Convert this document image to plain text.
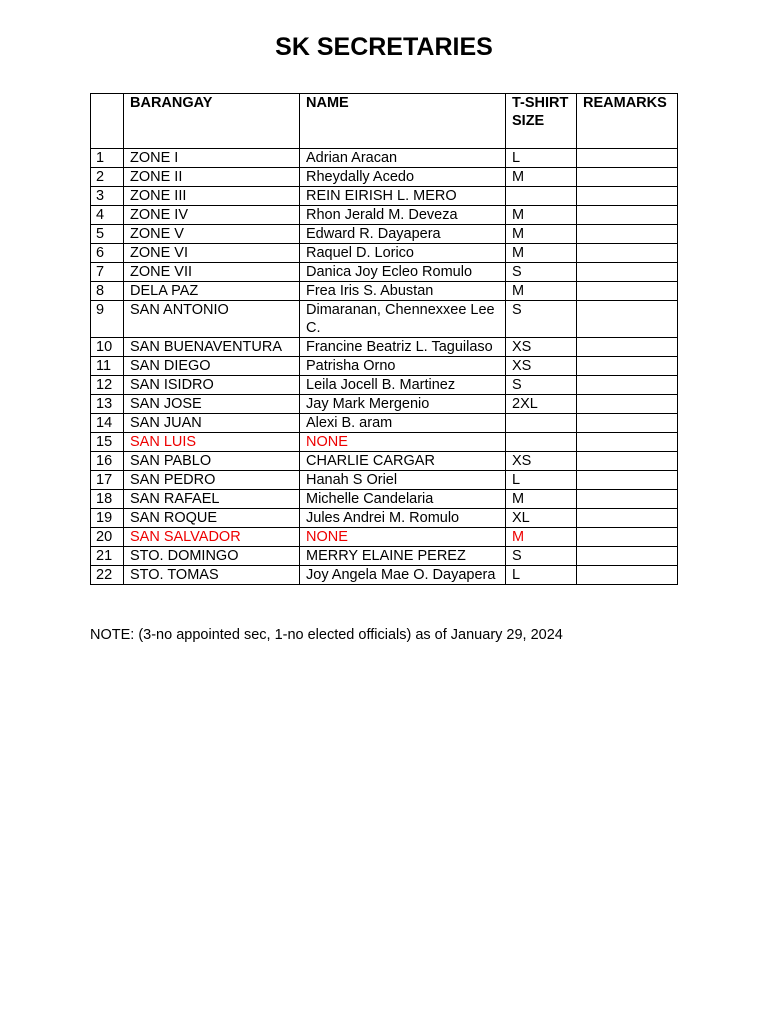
SK SECRETARIES
	BARANGAY	NAME	T-SHIRT SIZE	REAMARKS
1	ZONE I	Adrian Aracan	L	
2	ZONE II	Rheydally Acedo	M	
3	ZONE III	REIN EIRISH L. MERO		
4	ZONE IV	Rhon Jerald M. Deveza	M	
5	ZONE V	Edward R. Dayapera	M	
6	ZONE VI	Raquel D. Lorico	M	
7	ZONE VII	Danica Joy Ecleo Romulo	S	
8	DELA PAZ	Frea Iris S. Abustan	M	
9	SAN ANTONIO	Dimaranan, Chennexxee Lee C.	S	
10	SAN BUENAVENTURA	Francine Beatriz L. Taguilaso	XS	
11	SAN DIEGO	Patrisha Orno	XS	
12	SAN ISIDRO	Leila Jocell B. Martinez	S	
13	SAN JOSE	Jay Mark Mergenio	2XL	
14	SAN JUAN	Alexi B. aram		
15	SAN LUIS	NONE		
16	SAN PABLO	CHARLIE CARGAR	XS	
17	SAN PEDRO	Hanah S Oriel	L	
18	SAN RAFAEL	Michelle Candelaria	M	
19	SAN ROQUE	Jules Andrei M. Romulo	XL	
20	SAN SALVADOR	NONE	M	
21	STO. DOMINGO	MERRY ELAINE PEREZ	S	
22	STO. TOMAS	Joy Angela Mae O. Dayapera	L	
NOTE: (3-no appointed sec, 1-no elected officials) as of January 29, 2024
